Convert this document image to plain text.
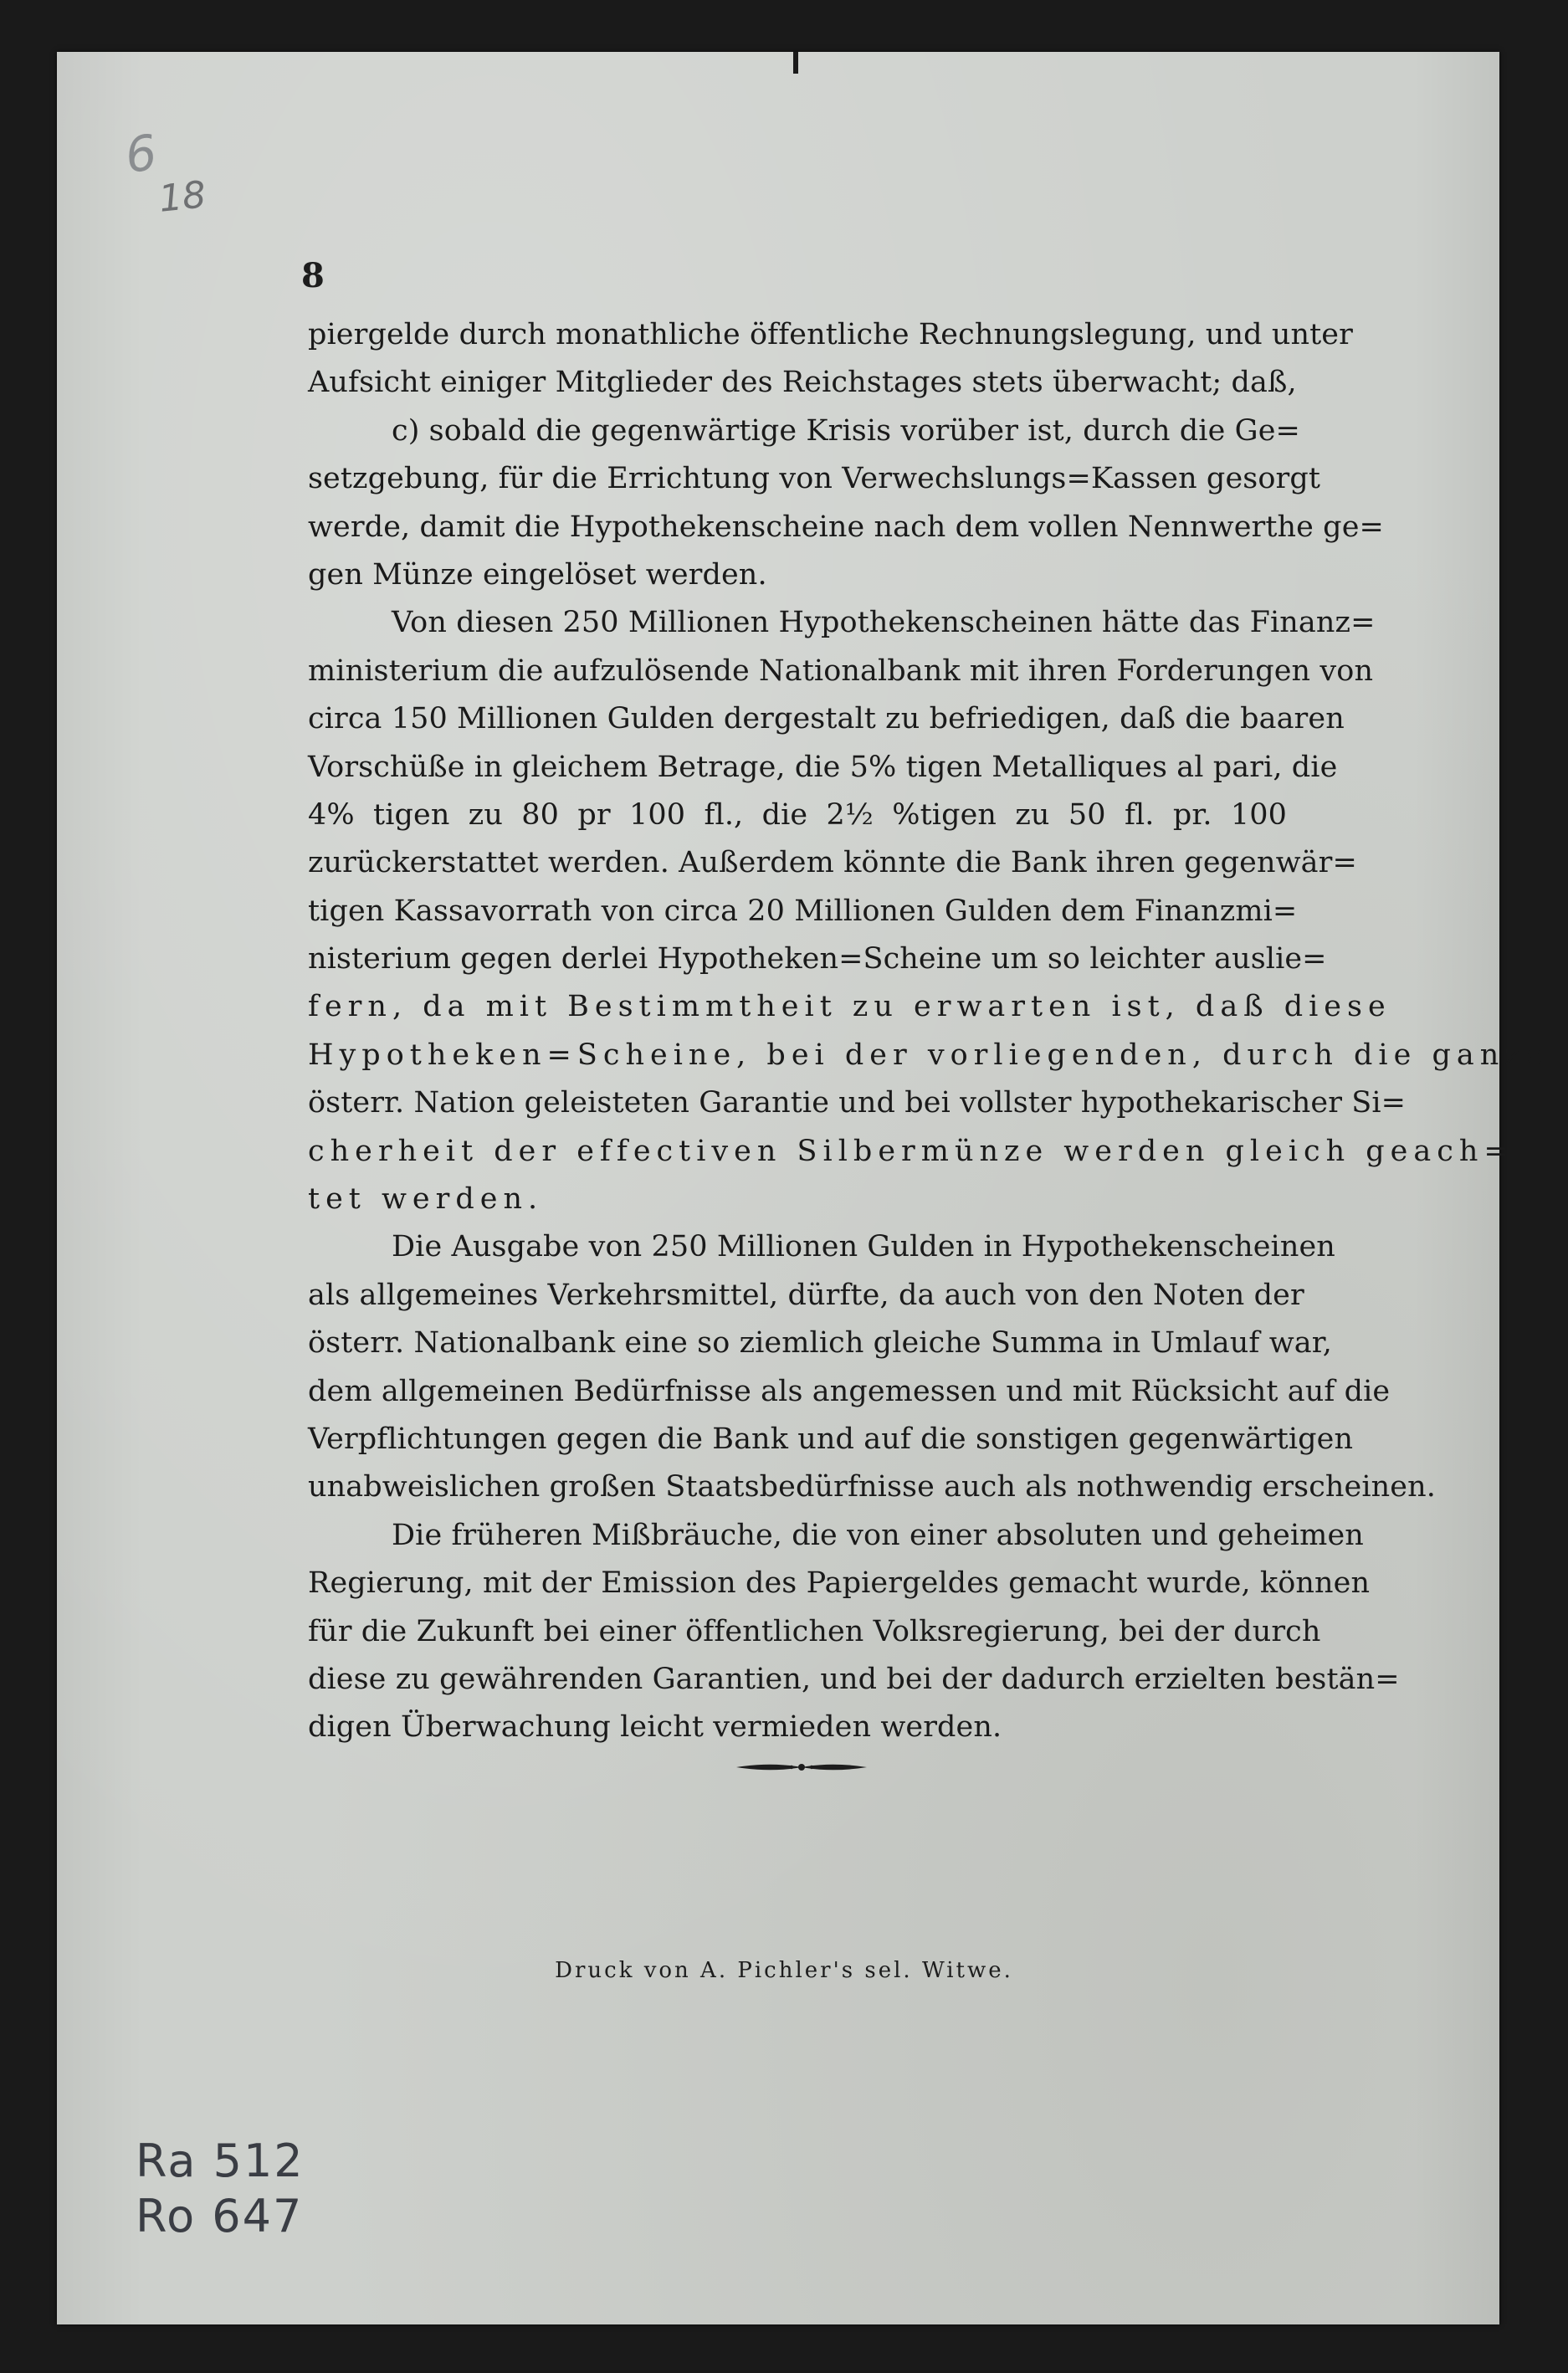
6
18
8
piergelde durch monathliche öffentliche Rechnungslegung, und unter
Aufsicht einiger Mitglieder des Reichstages stets überwacht; daß,
c) sobald die gegenwärtige Krisis vorüber ist, durch die Ge=
setzgebung, für die Errichtung von Verwechslungs=Kassen gesorgt
werde, damit die Hypothekenscheine nach dem vollen Nennwerthe ge=
gen Münze eingelöset werden.
Von diesen 250 Millionen Hypothekenscheinen hätte das Finanz=
ministerium die aufzulösende Nationalbank mit ihren Forderungen von
circa 150 Millionen Gulden dergestalt zu befriedigen, daß die baaren
Vorschüße in gleichem Betrage, die 5% tigen Metalliques al pari, die
4% tigen zu 80 pr 100 fl., die 2½ %tigen zu 50 fl. pr. 100
zurückerstattet werden. Außerdem könnte die Bank ihren gegenwär=
tigen Kassavorrath von circa 20 Millionen Gulden dem Finanzmi=
nisterium gegen derlei Hypotheken=Scheine um so leichter auslie=
fern, da mit Bestimmtheit zu erwarten ist, daß diese
Hypotheken=Scheine, bei der vorliegenden, durch die ganze
österr. Nation geleisteten Garantie und bei vollster hypothekarischer Si=
cherheit der effectiven Silbermünze werden gleich geach=
tet werden.
Die Ausgabe von 250 Millionen Gulden in Hypothekenscheinen
als allgemeines Verkehrsmittel, dürfte, da auch von den Noten der
österr. Nationalbank eine so ziemlich gleiche Summa in Umlauf war,
dem allgemeinen Bedürfnisse als angemessen und mit Rücksicht auf die
Verpflichtungen gegen die Bank und auf die sonstigen gegenwärtigen
unabweislichen großen Staatsbedürfnisse auch als nothwendig erscheinen.
Die früheren Mißbräuche, die von einer absoluten und geheimen
Regierung, mit der Emission des Papiergeldes gemacht wurde, können
für die Zukunft bei einer öffentlichen Volksregierung, bei der durch
diese zu gewährenden Garantien, und bei der dadurch erzielten bestän=
digen Überwachung leicht vermieden werden.
Druck von A. Pichler's sel. Witwe.
Ra 512
Ro 647
